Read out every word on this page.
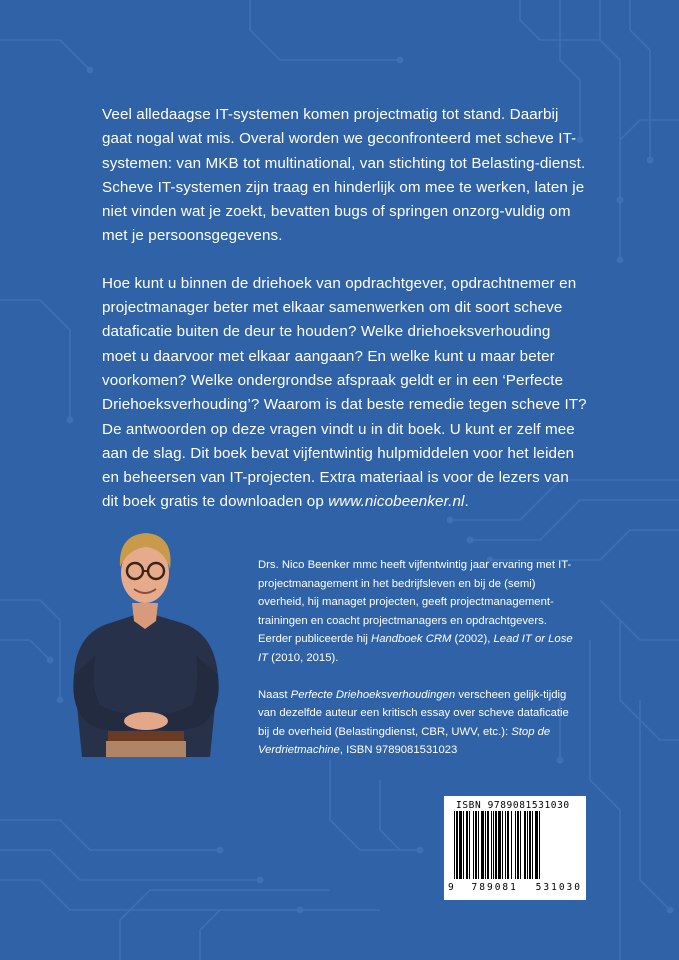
Veel alledaagse IT-systemen komen projectmatig tot stand. Daarbij gaat nogal wat mis. Overal worden we geconfronteerd met scheve IT-systemen: van MKB tot multinational, van stichting tot Belasting-dienst. Scheve IT-systemen zijn traag en hinderlijk om mee te werken, laten je niet vinden wat je zoekt, bevatten bugs of springen onzorg-vuldig om met je persoonsgegevens.

Hoe kunt u binnen de driehoek van opdrachtgever, opdrachtnemer en projectmanager beter met elkaar samenwerken om dit soort scheve dataficatie buiten de deur te houden? Welke driehoeksverhouding moet u daarvoor met elkaar aangaan? En welke kunt u maar beter voorkomen? Welke ondergrondse afspraak geldt er in een ‘Perfecte Driehoeksverhouding’? Waarom is dat beste remedie tegen scheve IT? De antwoorden op deze vragen vindt u in dit boek. U kunt er zelf mee aan de slag. Dit boek bevat vijfentwintig hulpmiddelen voor het leiden en beheersen van IT-projecten. Extra materiaal is voor de lezers van dit boek gratis te downloaden op www.nicobeenker.nl.

Drs. Nico Beenker mmc heeft vijfentwintig jaar ervaring met IT-projectmanagement in het bedrijfsleven en bij de (semi) overheid, hij managet projecten, geeft projectmanagement-trainingen en coacht projectmanagers en opdrachtgevers. Eerder publiceerde hij Handboek CRM (2002), Lead IT or Lose IT (2010, 2015).

Naast Perfecte Driehoeksverhoudingen verscheen gelijk-tijdig van dezelfde auteur een kritisch essay over scheve dataficatie bij de overheid (Belastingdienst, CBR, UWV, etc.): Stop de Verdrietmachine, ISBN 9789081531023

ISBN 9789081531030
9 789081 531030
